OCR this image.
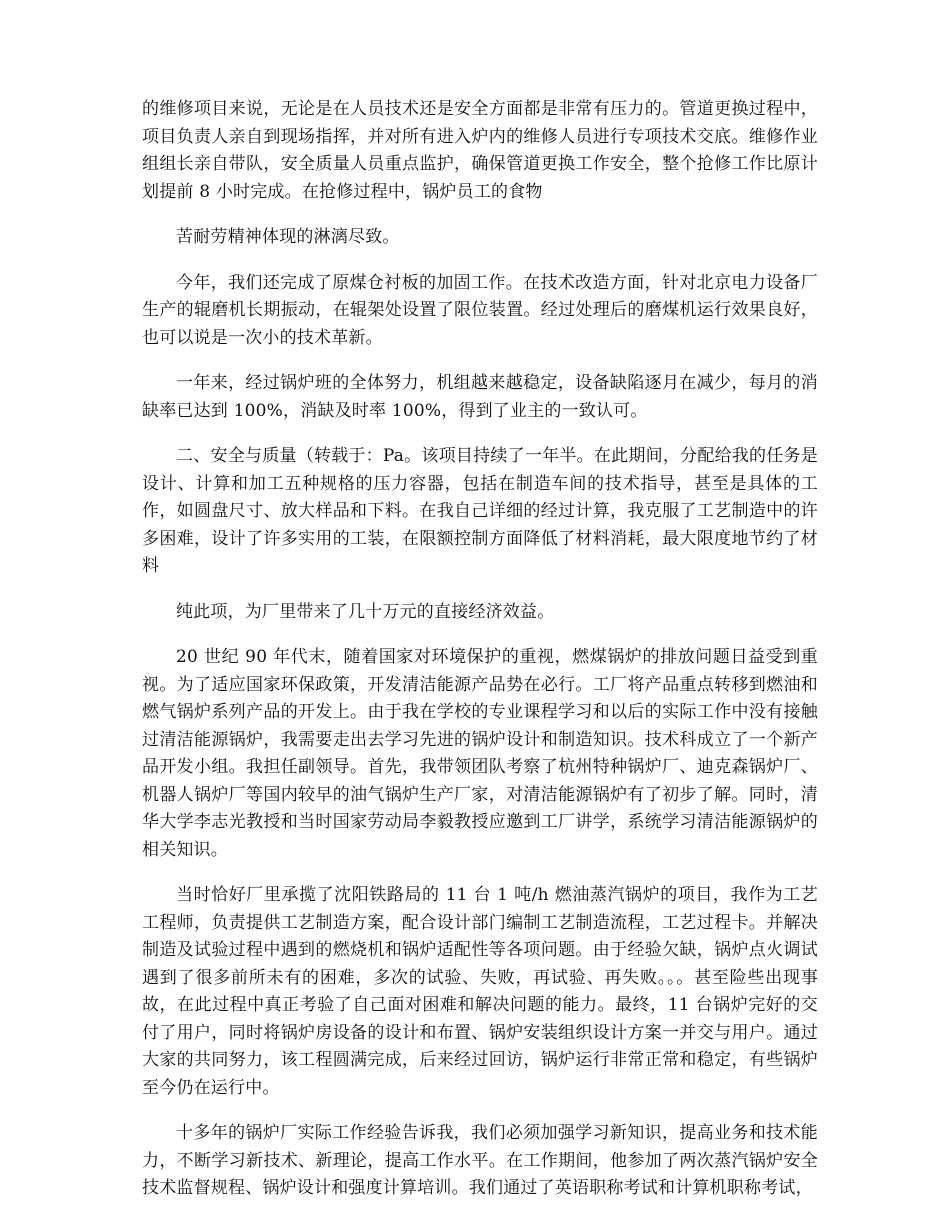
的维修项目来说，无论是在人员技术还是安全方面都是非常有压力的。管道更换过程中，项目负责人亲自到现场指挥，并对所有进入炉内的维修人员进行专项技术交底。维修作业组组长亲自带队，安全质量人员重点监护，确保管道更换工作安全，整个抢修工作比原计划提前 8 小时完成。在抢修过程中，锅炉员工的食物

苦耐劳精神体现的淋漓尽致。

今年，我们还完成了原煤仓衬板的加固工作。在技术改造方面，针对北京电力设备厂生产的辊磨机长期振动，在辊架处设置了限位装置。经过处理后的磨煤机运行效果良好，也可以说是一次小的技术革新。

一年来，经过锅炉班的全体努力，机组越来越稳定，设备缺陷逐月在减少，每月的消缺率已达到 100%，消缺及时率 100%，得到了业主的一致认可。

二、安全与质量（转载于：Pa。该项目持续了一年半。在此期间，分配给我的任务是设计、计算和加工五种规格的压力容器，包括在制造车间的技术指导，甚至是具体的工作，如圆盘尺寸、放大样品和下料。在我自己详细的经过计算，我克服了工艺制造中的许多困难，设计了许多实用的工装，在限额控制方面降低了材料消耗，最大限度地节约了材料

纯此项，为厂里带来了几十万元的直接经济效益。

20 世纪 90 年代末，随着国家对环境保护的重视，燃煤锅炉的排放问题日益受到重视。为了适应国家环保政策，开发清洁能源产品势在必行。工厂将产品重点转移到燃油和燃气锅炉系列产品的开发上。由于我在学校的专业课程学习和以后的实际工作中没有接触过清洁能源锅炉，我需要走出去学习先进的锅炉设计和制造知识。技术科成立了一个新产品开发小组。我担任副领导。首先，我带领团队考察了杭州特种锅炉厂、迪克森锅炉厂、机器人锅炉厂等国内较早的油气锅炉生产厂家，对清洁能源锅炉有了初步了解。同时，清华大学李志光教授和当时国家劳动局李毅教授应邀到工厂讲学，系统学习清洁能源锅炉的相关知识。

当时恰好厂里承揽了沈阳铁路局的 11 台 1 吨/h 燃油蒸汽锅炉的项目，我作为工艺工程师，负责提供工艺制造方案，配合设计部门编制工艺制造流程，工艺过程卡。并解决制造及试验过程中遇到的燃烧机和锅炉适配性等各项问题。由于经验欠缺，锅炉点火调试遇到了很多前所未有的困难，多次的试验、失败，再试验、再失败。。。甚至险些出现事故，在此过程中真正考验了自己面对困难和解决问题的能力。最终，11 台锅炉完好的交付了用户，同时将锅炉房设备的设计和布置、锅炉安装组织设计方案一并交与用户。通过大家的共同努力，该工程圆满完成，后来经过回访，锅炉运行非常正常和稳定，有些锅炉至今仍在运行中。

十多年的锅炉厂实际工作经验告诉我，我们必须加强学习新知识，提高业务和技术能力，不断学习新技术、新理论，提高工作水平。在工作期间，他参加了两次蒸汽锅炉安全技术监督规程、锅炉设计和强度计算培训。我们通过了英语职称考试和计算机职称考试，
